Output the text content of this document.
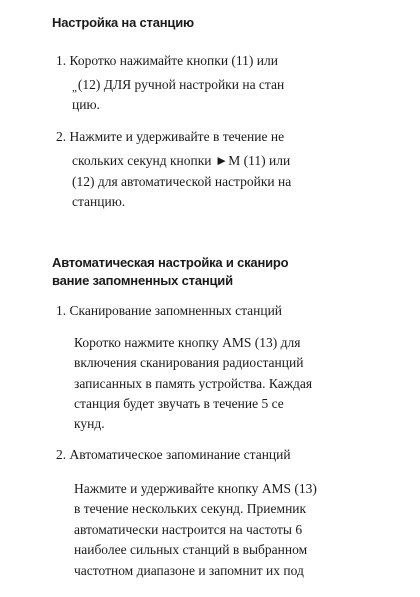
Настройка на станцию
1. Коротко нажимайте кнопки (11) или
„(12) ДЛЯ ручной настройки на стан
цию.
2. Нажмите и удерживайте в течение не
скольких секунд кнопки ►M (11) или
(12) для автоматической настройки на
станцию.
Автоматическая настройка и сканиро
вание запомненных станций
1. Сканирование запомненных станций
Коротко нажмите кнопку AMS (13) для
включения сканирования радиостанций
записанных в память устройства. Каждая
станция будет звучать в течение 5 се
кунд.
2. Автоматическое запоминание станций
Нажмите и удерживайте кнопку AMS (13)
в течение нескольких секунд. Приемник
автоматически настроится на частоты 6
наиболее сильных станций в выбранном
частотном диапазоне и запомнит их под
